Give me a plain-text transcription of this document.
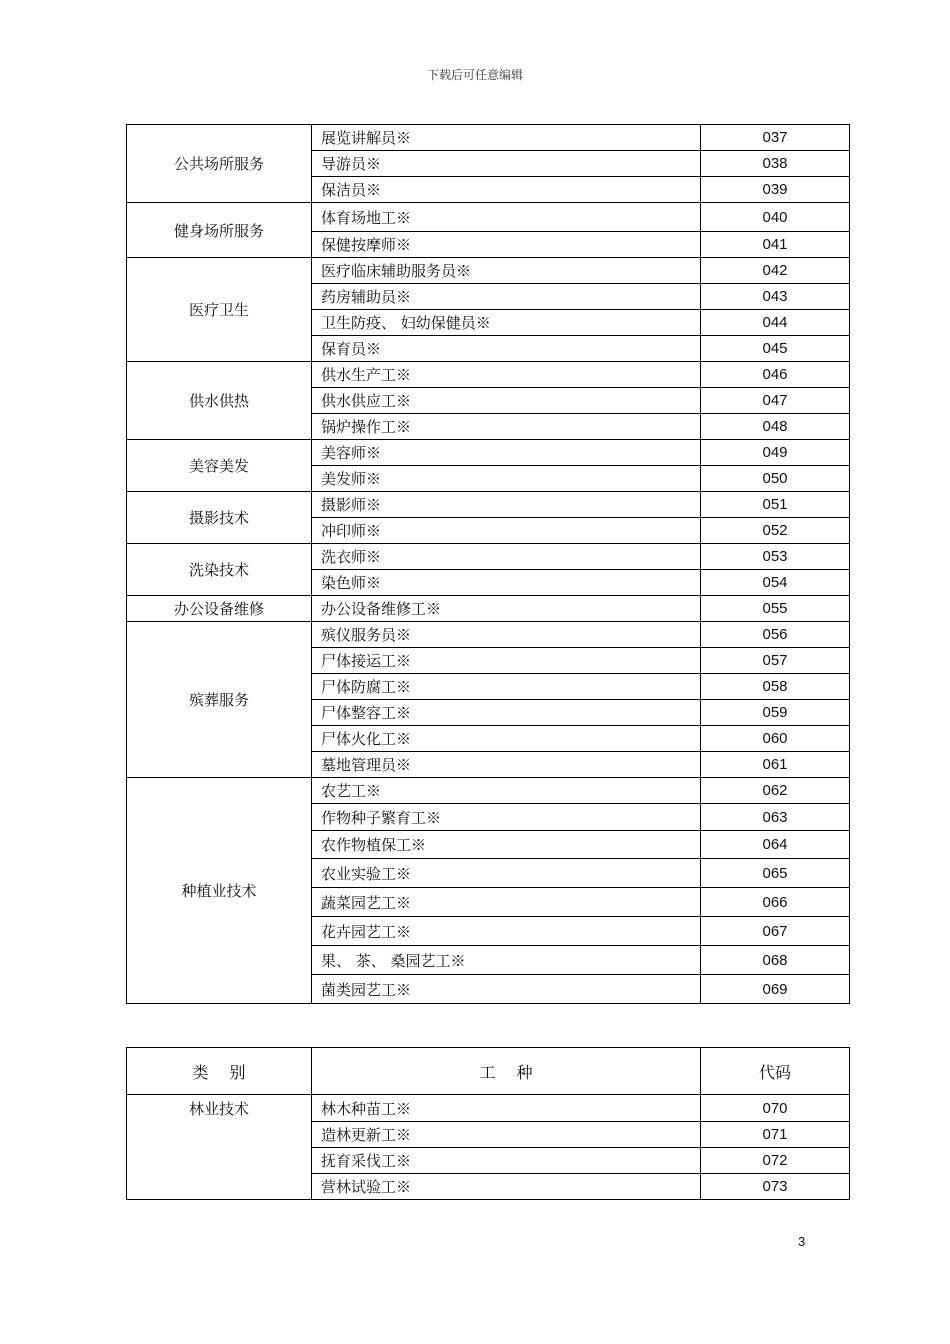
下载后可任意编辑
公共场所服务	展览讲解员※	037
	导游员※	038
	保洁员※	039
健身场所服务	体育场地工※	040
	保健按摩师※	041
医疗卫生	医疗临床辅助服务员※	042
	药房辅助员※	043
	卫生防疫、 妇幼保健员※	044
	保育员※	045
供水供热	供水生产工※	046
	供水供应工※	047
	锅炉操作工※	048
美容美发	美容师※	049
	美发师※	050
摄影技术	摄影师※	051
	冲印师※	052
洗染技术	洗衣师※	053
	染色师※	054
办公设备维修	办公设备维修工※	055
殡葬服务	殡仪服务员※	056
	尸体接运工※	057
	尸体防腐工※	058
	尸体整容工※	059
	尸体火化工※	060
	墓地管理员※	061
种植业技术	农艺工※	062
	作物种子繁育工※	063
	农作物植保工※	064
	农业实验工※	065
	蔬菜园艺工※	066
	花卉园艺工※	067
	果、 茶、 桑园艺工※	068
	菌类园艺工※	069
类　 别	工　 种	代码
林业技术	林木种苗工※	070
	造林更新工※	071
	抚育采伐工※	072
	营林试验工※	073
3
